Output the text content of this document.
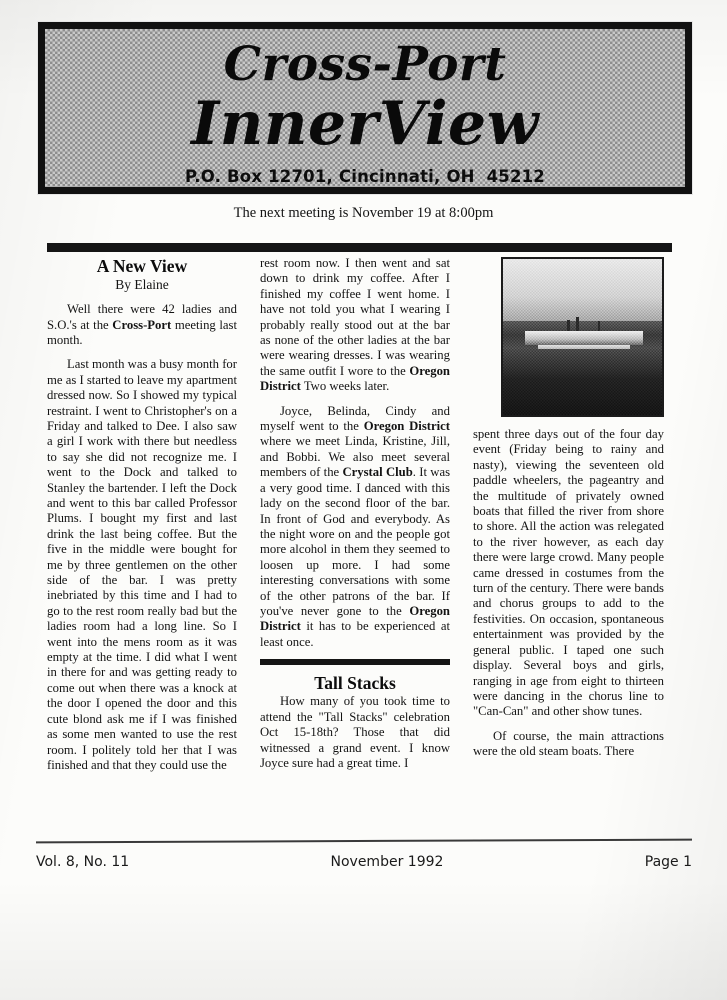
Cross-Port
InnerView
P.O. Box 12701, Cincinnati, OH  45212
The next meeting is November 19 at 8:00pm
A New View
By Elaine

Well there were 42 ladies and S.O.'s at the Cross-Port meeting last month.

Last month was a busy month for me as I started to leave my apartment dressed now. So I showed my typical restraint. I went to Christopher's on a Friday and talked to Dee. I also saw a girl I work with there but needless to say she did not recognize me. I went to the Dock and talked to Stanley the bartender. I left the Dock and went to this bar called Professor Plums. I bought my first and last drink the last being coffee. But the five in the middle were bought for me by three gentlemen on the other side of the bar. I was pretty inebriated by this time and I had to go to the rest room really bad but the ladies room had a long line. So I went into the mens room as it was empty at the time. I did what I went in there for and was getting ready to come out when there was a knock at the door I opened the door and this cute blond ask me if I was finished as some men wanted to use the rest room. I politely told her that I was finished and that they could use the

rest room now. I then went and sat down to drink my coffee. After I finished my coffee I went home. I have not told you what I wearing I probably really stood out at the bar as none of the other ladies at the bar were wearing dresses. I was wearing the same outfit I wore to the Oregon District Two weeks later.

Joyce, Belinda, Cindy and myself went to the Oregon District where we meet Linda, Kristine, Jill, and Bobbi. We also meet several members of the Crystal Club. It was a very good time. I danced with this lady on the second floor of the bar. In front of God and everybody. As the night wore on and the people got more alcohol in them they seemed to loosen up more. I had some interesting conversations with some of the other patrons of the bar. If you've never gone to the Oregon District it has to be experienced at least once.

Tall Stacks

How many of you took time to attend the "Tall Stacks" celebration Oct 15-18th? Those that did witnessed a grand event. I know Joyce sure had a great time. I

spent three days out of the four day event (Friday being to rainy and nasty), viewing the seventeen old paddle wheelers, the pageantry and the multitude of privately owned boats that filled the river from shore to shore. All the action was relegated to the river however, as each day there were large crowd. Many people came dressed in costumes from the turn of the century. There were bands and chorus groups to add to the festivities. On occasion, spontaneous entertainment was provided by the general public. I taped one such display. Several boys and girls, ranging in age from eight to thirteen were dancing in the chorus line to "Can-Can" and other show tunes.

Of course, the main attractions were the old steam boats. There

Vol. 8, No. 11	November 1992	Page 1
